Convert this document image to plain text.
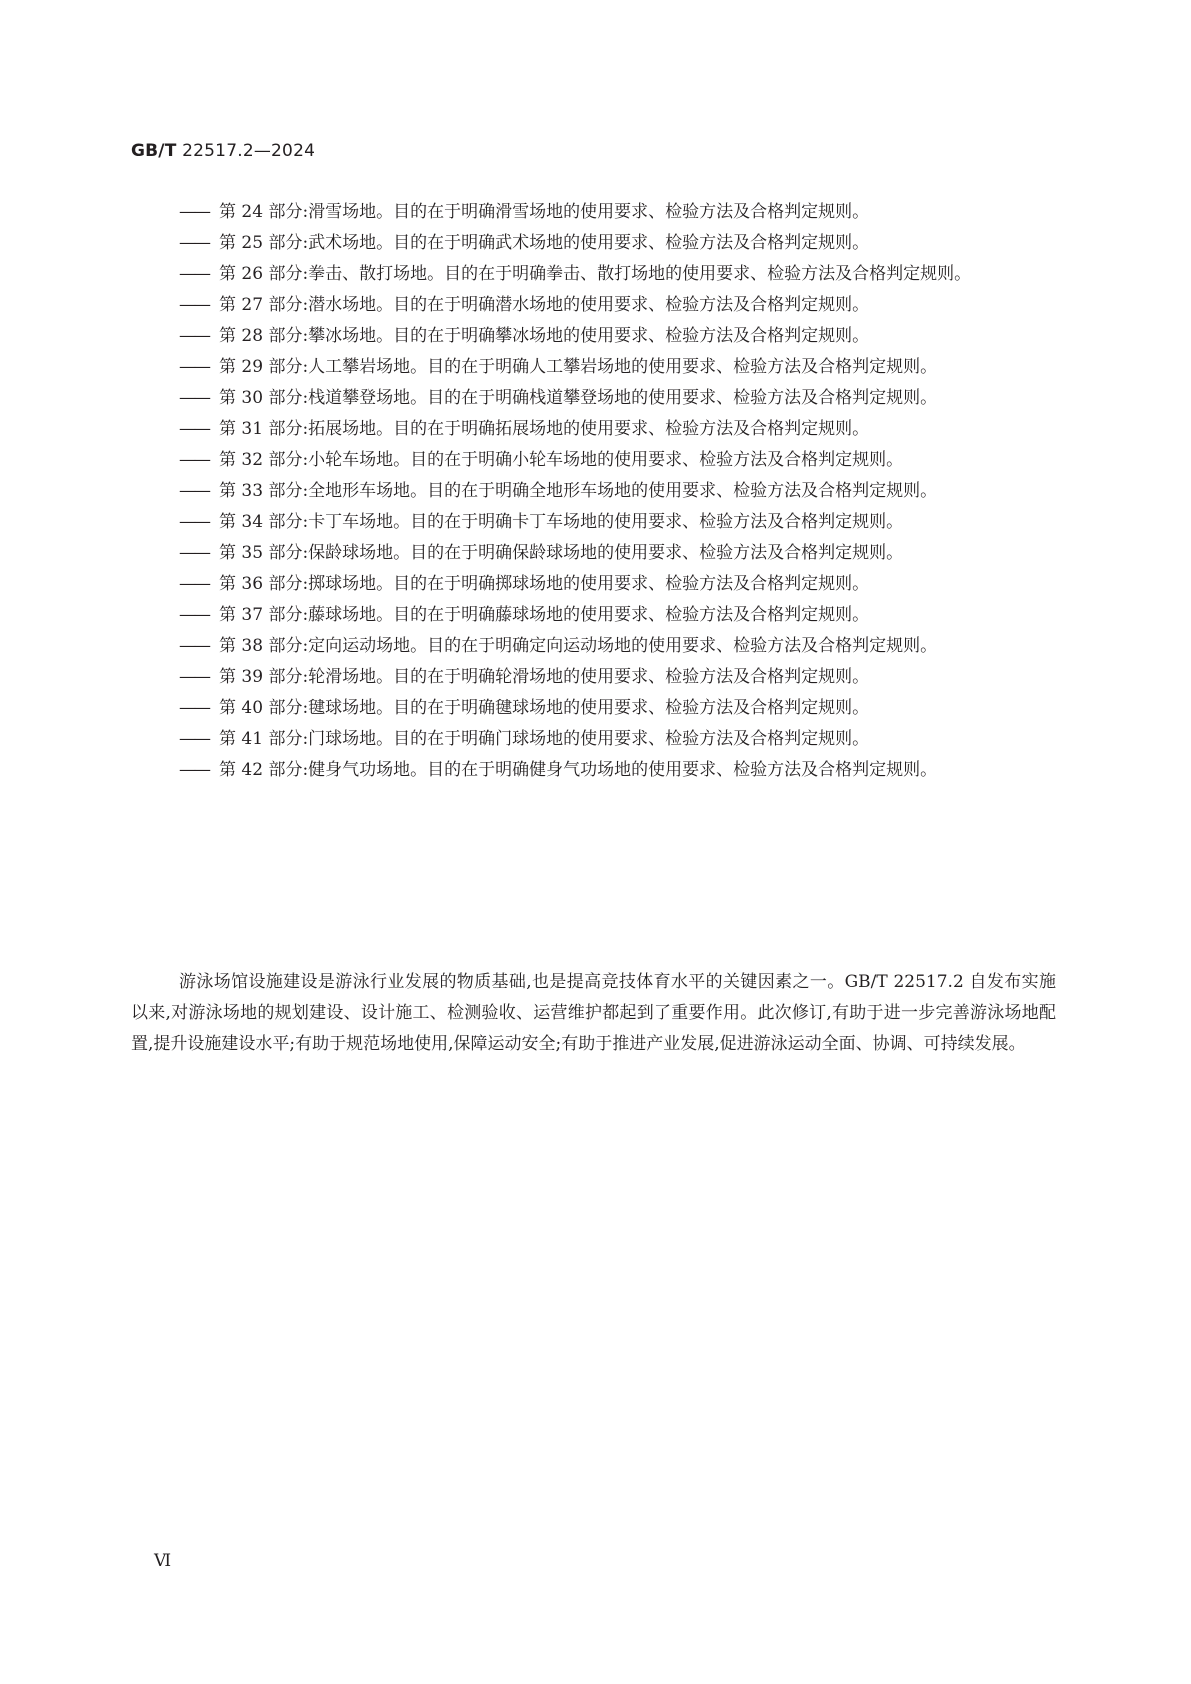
GB/T 22517.2—2024
—— 第 24 部分:滑雪场地。目的在于明确滑雪场地的使用要求、检验方法及合格判定规则。
—— 第 25 部分:武术场地。目的在于明确武术场地的使用要求、检验方法及合格判定规则。
—— 第 26 部分:拳击、散打场地。目的在于明确拳击、散打场地的使用要求、检验方法及合格判定规则。
—— 第 27 部分:潜水场地。目的在于明确潜水场地的使用要求、检验方法及合格判定规则。
—— 第 28 部分:攀冰场地。目的在于明确攀冰场地的使用要求、检验方法及合格判定规则。
—— 第 29 部分:人工攀岩场地。目的在于明确人工攀岩场地的使用要求、检验方法及合格判定规则。
—— 第 30 部分:栈道攀登场地。目的在于明确栈道攀登场地的使用要求、检验方法及合格判定规则。
—— 第 31 部分:拓展场地。目的在于明确拓展场地的使用要求、检验方法及合格判定规则。
—— 第 32 部分:小轮车场地。目的在于明确小轮车场地的使用要求、检验方法及合格判定规则。
—— 第 33 部分:全地形车场地。目的在于明确全地形车场地的使用要求、检验方法及合格判定规则。
—— 第 34 部分:卡丁车场地。目的在于明确卡丁车场地的使用要求、检验方法及合格判定规则。
—— 第 35 部分:保龄球场地。目的在于明确保龄球场地的使用要求、检验方法及合格判定规则。
—— 第 36 部分:掷球场地。目的在于明确掷球场地的使用要求、检验方法及合格判定规则。
—— 第 37 部分:藤球场地。目的在于明确藤球场地的使用要求、检验方法及合格判定规则。
—— 第 38 部分:定向运动场地。目的在于明确定向运动场地的使用要求、检验方法及合格判定规则。
—— 第 39 部分:轮滑场地。目的在于明确轮滑场地的使用要求、检验方法及合格判定规则。
—— 第 40 部分:毽球场地。目的在于明确毽球场地的使用要求、检验方法及合格判定规则。
—— 第 41 部分:门球场地。目的在于明确门球场地的使用要求、检验方法及合格判定规则。
—— 第 42 部分:健身气功场地。目的在于明确健身气功场地的使用要求、检验方法及合格判定规则。

游泳场馆设施建设是游泳行业发展的物质基础,也是提高竞技体育水平的关键因素之一。GB/T 22517.2 自发布实施以来,对游泳场地的规划建设、设计施工、检测验收、运营维护都起到了重要作用。此次修订,有助于进一步完善游泳场地配置,提升设施建设水平;有助于规范场地使用,保障运动安全;有助于推进产业发展,促进游泳运动全面、协调、可持续发展。

Ⅵ
